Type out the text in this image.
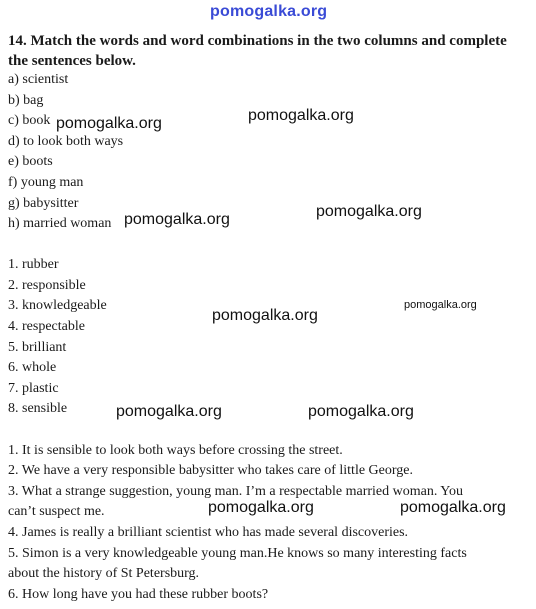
pomogalka.org
14. Match the words and word combinations in the two columns and complete the sentences below.
a) scientist
b) bag
c) book
d) to look both ways
e) boots
f) young man
g) babysitter
h) married woman
1. rubber
2. responsible
3. knowledgeable
4. respectable
5. brilliant
6. whole
7. plastic
8. sensible
1. It is sensible to look both ways before crossing the street.
2. We have a very responsible babysitter who takes care of little George.
3. What a strange suggestion, young man. I’m a respectable married woman. You
can’t suspect me.
4. James is really a brilliant scientist who has made several discoveries.
5. Simon is a very knowledgeable young man.He knows so many interesting facts
about the history of St Petersburg.
6. How long have you had these rubber boots?
pomogalka.org	pomogalka.org
pomogalka.org	pomogalka.org
pomogalka.org
pomogalka.org
pomogalka.org	pomogalka.org
pomogalka.org	pomogalka.org
